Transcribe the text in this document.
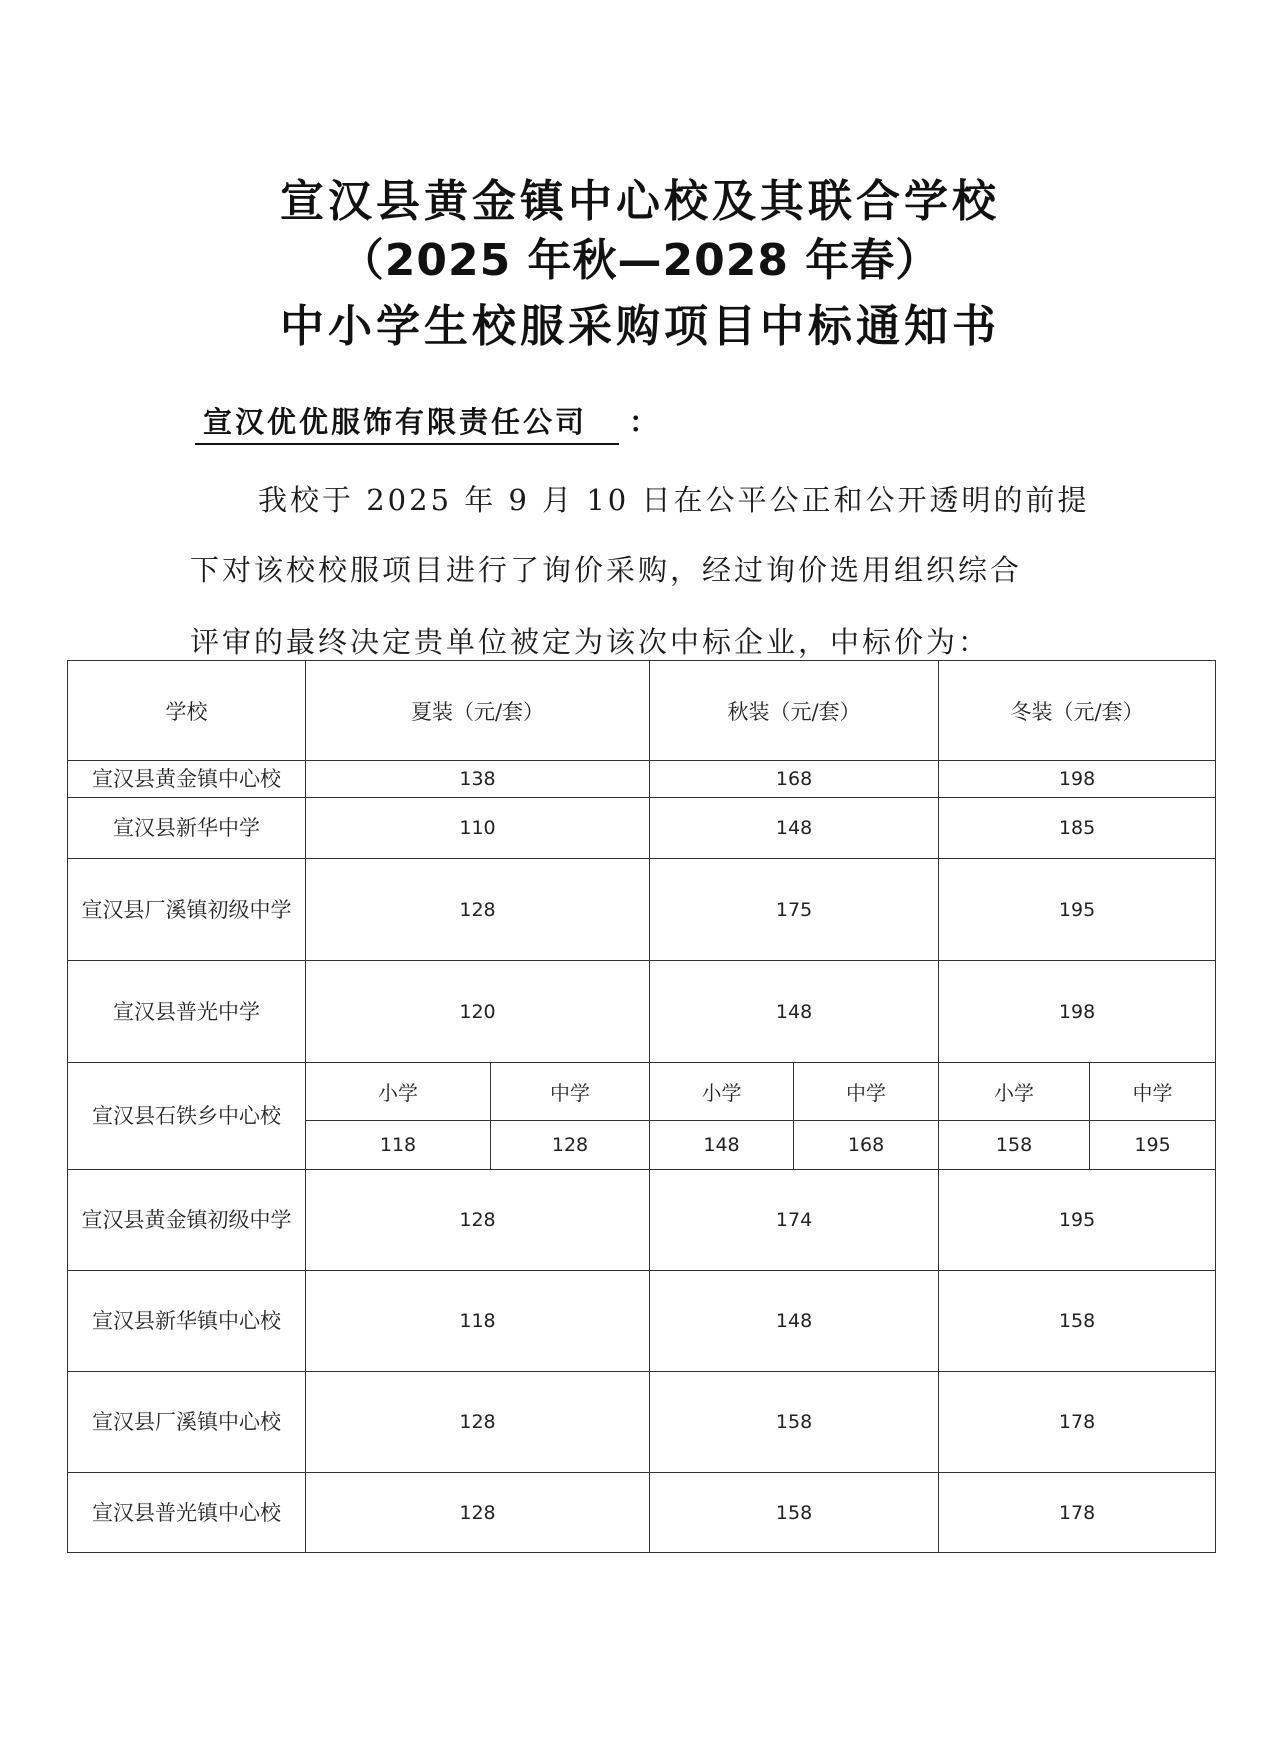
宣汉县黄金镇中心校及其联合学校
（2025 年秋—2028 年春）
中小学生校服采购项目中标通知书
宣汉优优服饰有限责任公司 ：
我校于 2025 年 9 月 10 日在公平公正和公开透明的前提
下对该校校服项目进行了询价采购，经过询价选用组织综合
评审的最终决定贵单位被定为该次中标企业，中标价为：
学校	夏装（元/套）		秋装（元/套）		冬装（元/套）	
宣汉县黄金镇中心校	138		168		198	
宣汉县新华中学	110		148		185	
宣汉县厂溪镇初级中学	128		175		195	
宣汉县普光中学	120		148		198	
宣汉县石铁乡中心校	小学	中学	小学	中学	小学	中学
	118	128	148	168	158	195
宣汉县黄金镇初级中学	128		174		195	
宣汉县新华镇中心校	118		148		158	
宣汉县厂溪镇中心校	128		158		178	
宣汉县普光镇中心校	128		158		178	
